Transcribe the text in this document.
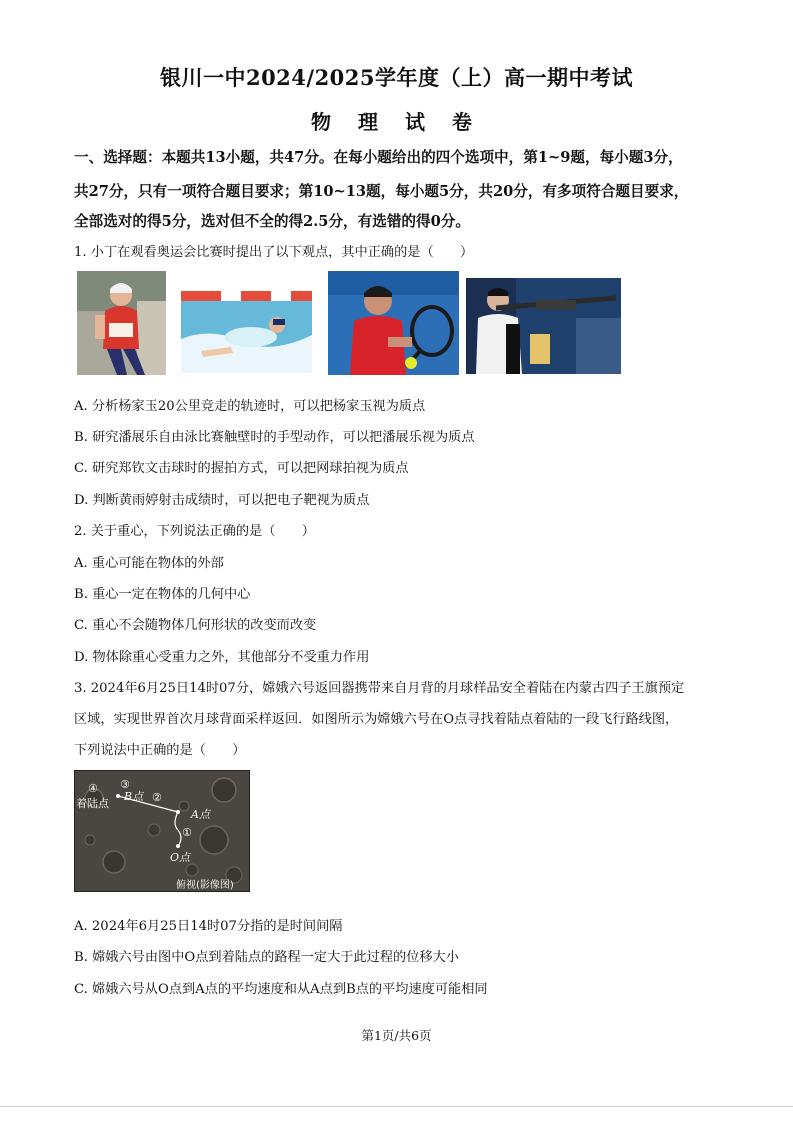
银川一中2024/2025学年度（上）高一期中考试
物 理 试 卷
一、选择题：本题共13小题，共47分。在每小题给出的四个选项中，第1~9题，每小题3分，
共27分，只有一项符合题目要求；第10~13题，每小题5分，共20分，有多项符合题目要求，
全部选对的得5分，选对但不全的得2.5分，有选错的得0分。
1. 小丁在观看奥运会比赛时提出了以下观点，其中正确的是（　　）
A. 分析杨家玉20公里竞走的轨迹时，可以把杨家玉视为质点
B. 研究潘展乐自由泳比赛触壁时的手型动作，可以把潘展乐视为质点
C. 研究郑钦文击球时的握拍方式，可以把网球拍视为质点
D. 判断黄雨婷射击成绩时，可以把电子靶视为质点
2. 关于重心，下列说法正确的是（　　）
A. 重心可能在物体的外部
B. 重心一定在物体的几何中心
C. 重心不会随物体几何形状的改变而改变
D. 物体除重心受重力之外，其他部分不受重力作用
3. 2024年6月25日14时07分，嫦娥六号返回器携带来自月背的月球样品安全着陆在内蒙古四子王旗预定
区域，实现世界首次月球背面采样返回．如图所示为嫦娥六号在O点寻找着陆点着陆的一段飞行路线图，
下列说法中正确的是（　　）
④
着陆点
③
B点 ②
A点
①
O点
俯视(影像图)
A. 2024年6月25日14时07分指的是时间间隔
B. 嫦娥六号由图中O点到着陆点的路程一定大于此过程的位移大小
C. 嫦娥六号从O点到A点的平均速度和从A点到B点的平均速度可能相同
第1页/共6页
